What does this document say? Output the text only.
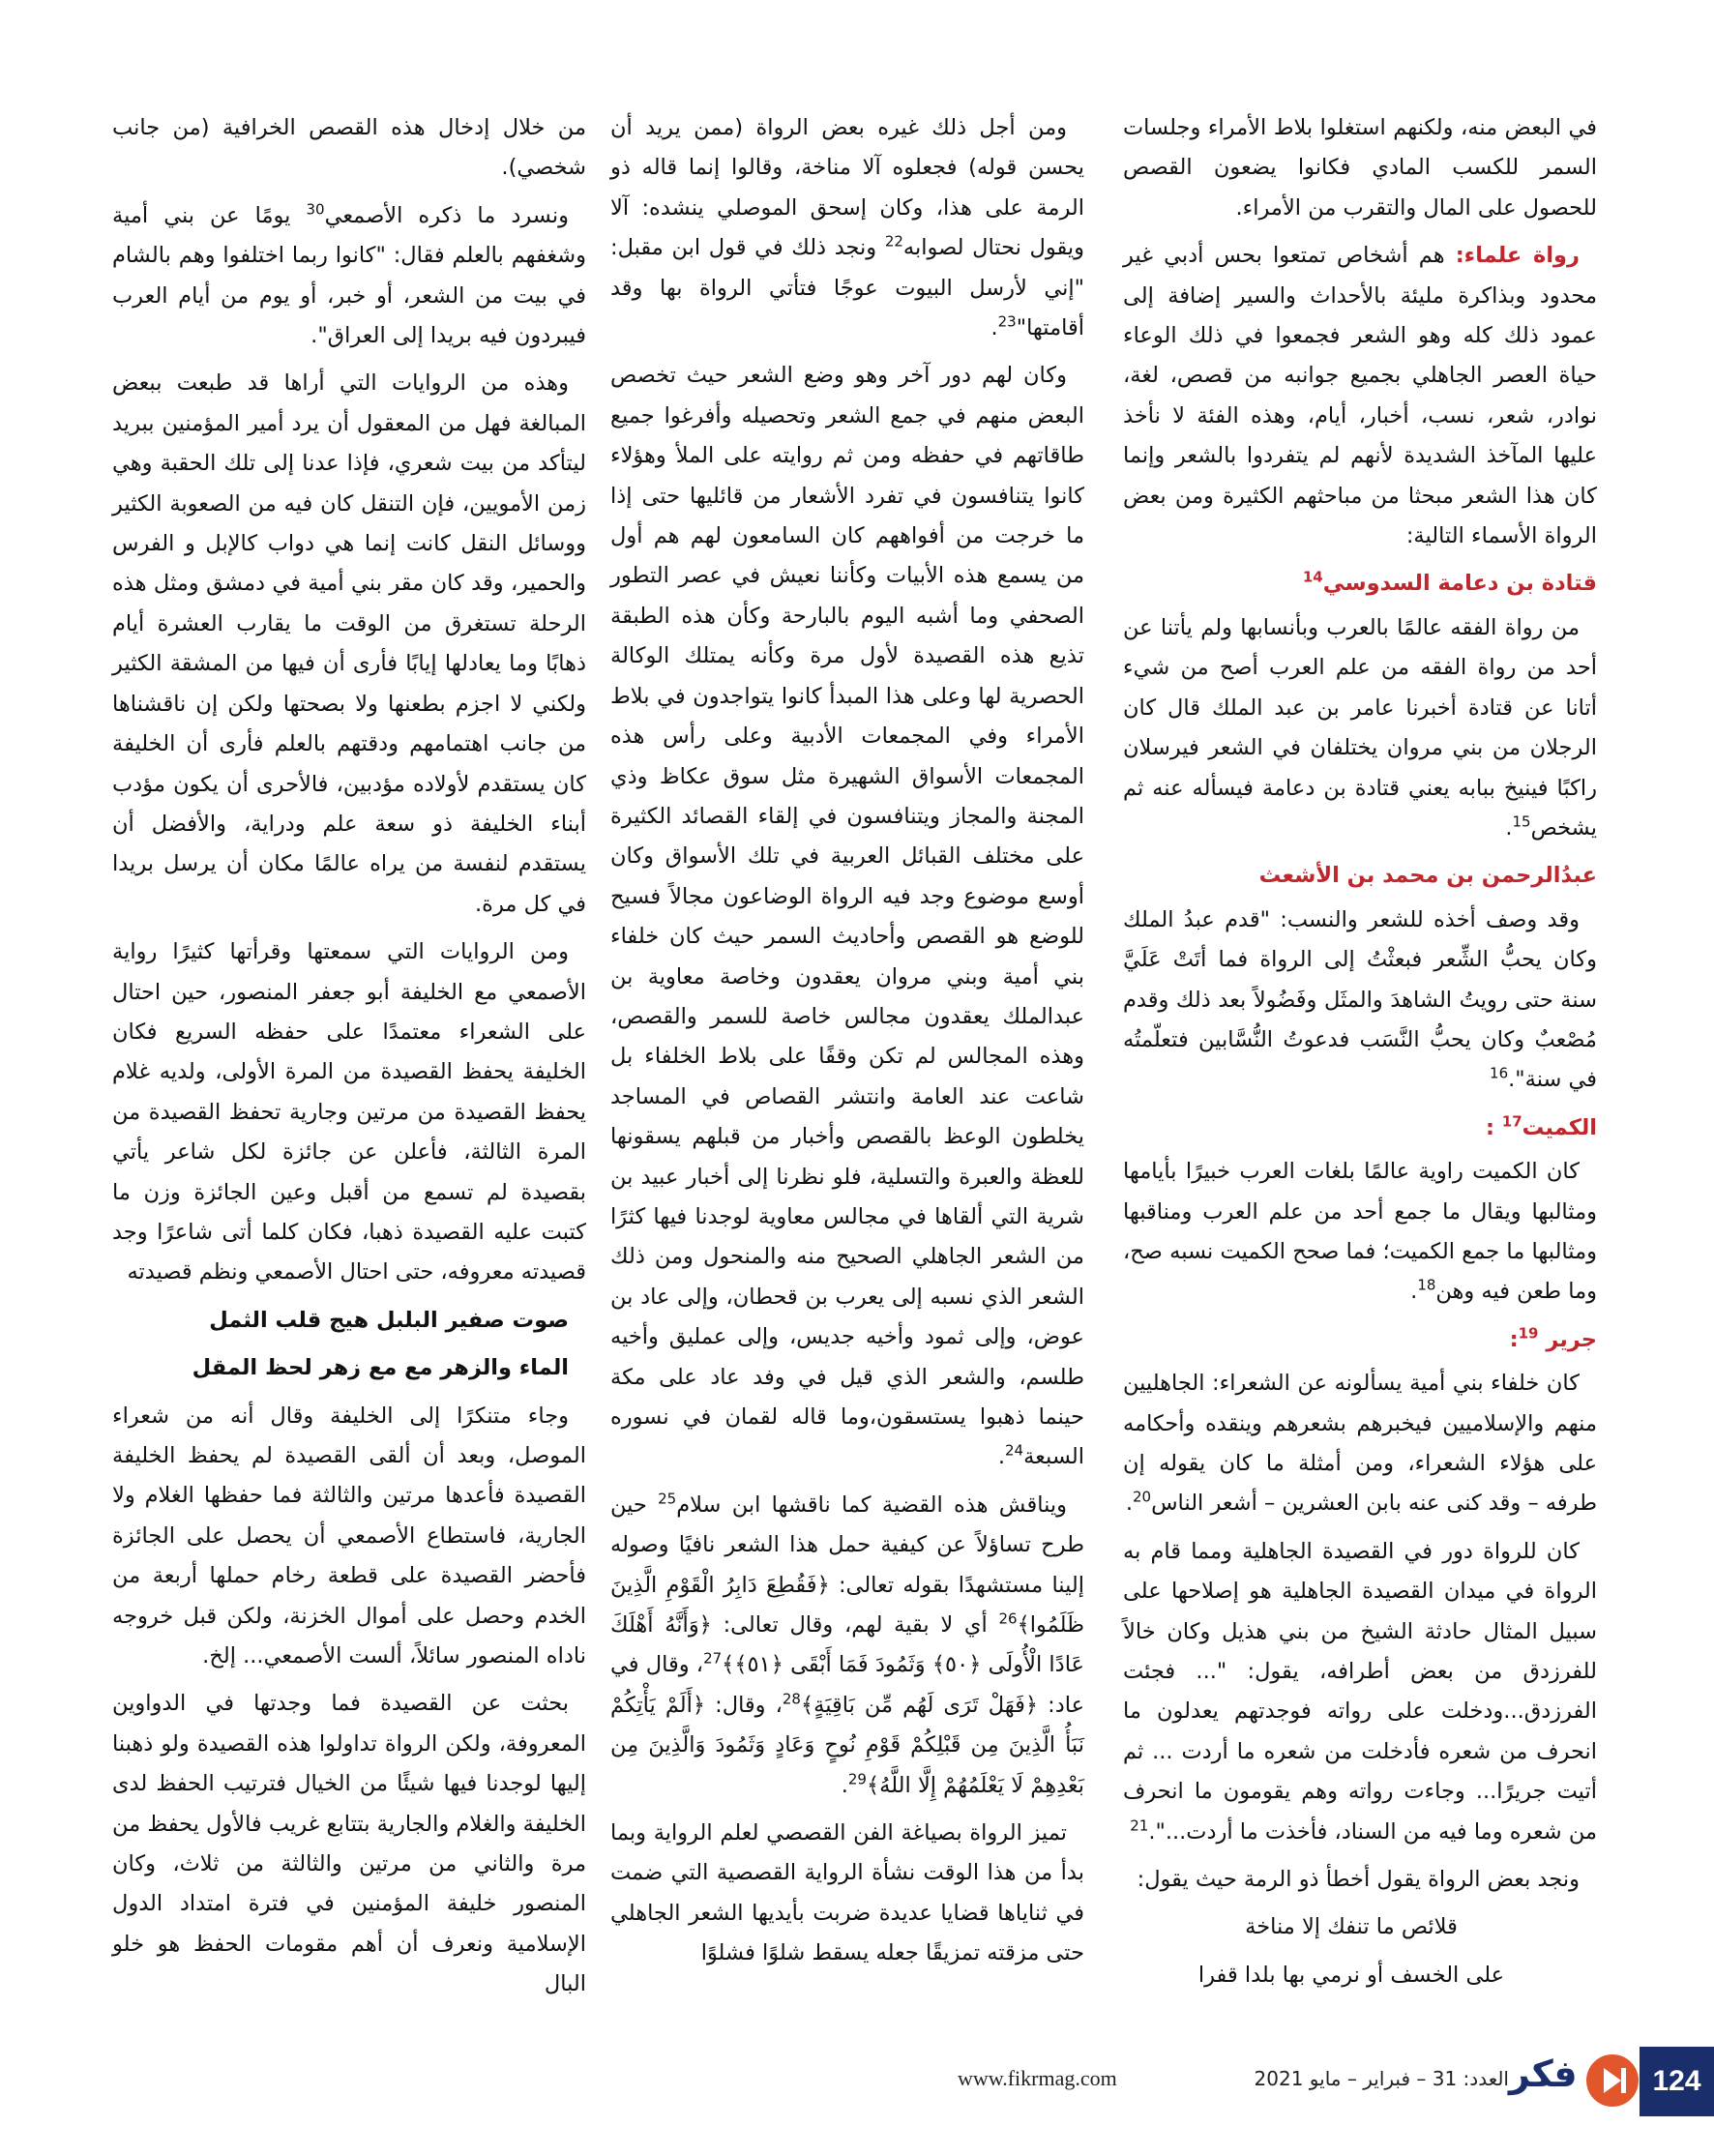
في البعض منه، ولكنهم استغلوا بلاط الأمراء وجلسات السمر للكسب المادي فكانوا يضعون القصص للحصول على المال والتقرب من الأمراء.

رواة علماء: هم أشخاص تمتعوا بحس أدبي غير محدود وبذاكرة مليئة بالأحداث والسير إضافة إلى عمود ذلك كله وهو الشعر فجمعوا في ذلك الوعاء حياة العصر الجاهلي بجميع جوانبه من قصص، لغة، نوادر، شعر، نسب، أخبار، أيام، وهذه الفئة لا نأخذ عليها المآخذ الشديدة لأنهم لم يتفردوا بالشعر وإنما كان هذا الشعر مبحثا من مباحثهم الكثيرة ومن بعض الرواة الأسماء التالية:

قتادة بن دعامة السدوسي$^{14}$

من رواة الفقه عالمًا بالعرب وبأنسابها ولم يأتنا عن أحد من رواة الفقه من علم العرب أصح من شيء أتانا عن قتادة أخبرنا عامر بن عبد الملك قال كان الرجلان من بني مروان يختلفان في الشعر فيرسلان راكبًا فينيخ ببابه يعني قتادة بن دعامة فيسأله عنه ثم يشخص$^{15}$.

عبدُالرحمن بن محمد بن الأشعث

وقد وصف أخذه للشعر والنسب: "قدم عبدُ الملك وكان يحبُّ الشِّعر فبعثْتُ إلى الرواة فما أتَتْ عَلَيَّ سنة حتى رويتُ الشاهدَ والمثَل وفَضُولاً بعد ذلك وقدم مُصْعبٌ وكان يحبُّ النَّسَب فدعوتُ النُّسَّابين فتعلّمتُه في سنة".$^{16}$

الكميت$^{17}$ :

كان الكميت راوية عالمًا بلغات العرب خبيرًا بأيامها ومثالبها ويقال ما جمع أحد من علم العرب ومناقبها ومثالبها ما جمع الكميت؛ فما صحح الكميت نسبه صح، وما طعن فيه وهن$^{18}$.

جرير $^{19}$:

كان خلفاء بني أمية يسألونه عن الشعراء: الجاهليين منهم والإسلاميين فيخبرهم بشعرهم وينقده وأحكامه على هؤلاء الشعراء، ومن أمثلة ما كان يقوله إن طرفه – وقد كنى عنه بابن العشرين – أشعر الناس$^{20}$.

كان للرواة دور في القصيدة الجاهلية ومما قام به الرواة في ميدان القصيدة الجاهلية هو إصلاحها على سبيل المثال حادثة الشيخ من بني هذيل وكان خالاً للفرزدق من بعض أطرافه، يقول: "... فجئت الفرزدق...ودخلت على رواته فوجدتهم يعدلون ما انحرف من شعره فأدخلت من شعره ما أردت ... ثم أتيت جريرًا... وجاءت رواته وهم يقومون ما انحرف من شعره وما فيه من السناد، فأخذت ما أردت...".$^{21}$

ونجد بعض الرواة يقول أخطأ ذو الرمة حيث يقول:

قلائص ما تنفك إلا مناخة

على الخسف أو نرمي بها بلدا قفرا

ومن أجل ذلك غيره بعض الرواة (ممن يريد أن يحسن قوله) فجعلوه آلا مناخة، وقالوا إنما قاله ذو الرمة على هذا، وكان إسحق الموصلي ينشده: آلا ويقول نحتال لصوابه$^{22}$ ونجد ذلك في قول ابن مقبل: "إني لأرسل البيوت عوجًا فتأتي الرواة بها وقد أقامتها"$^{23}$.

وكان لهم دور آخر وهو وضع الشعر حيث تخصص البعض منهم في جمع الشعر وتحصيله وأفرغوا جميع طاقاتهم في حفظه ومن ثم روايته على الملأ وهؤلاء كانوا يتنافسون في تفرد الأشعار من قائليها حتى إذا ما خرجت من أفواههم كان السامعون لهم هم أول من يسمع هذه الأبيات وكأننا نعيش في عصر التطور الصحفي وما أشبه اليوم بالبارحة وكأن هذه الطبقة تذيع هذه القصيدة لأول مرة وكأنه يمتلك الوكالة الحصرية لها وعلى هذا المبدأ كانوا يتواجدون في بلاط الأمراء وفي المجمعات الأدبية وعلى رأس هذه المجمعات الأسواق الشهيرة مثل سوق عكاظ وذي المجنة والمجاز ويتنافسون في إلقاء القصائد الكثيرة على مختلف القبائل العربية في تلك الأسواق وكان أوسع موضوع وجد فيه الرواة الوضاعون مجالاً فسيح للوضع هو القصص وأحاديث السمر حيث كان خلفاء بني أمية وبني مروان يعقدون وخاصة معاوية بن عبدالملك يعقدون مجالس خاصة للسمر والقصص، وهذه المجالس لم تكن وقفًا على بلاط الخلفاء بل شاعت عند العامة وانتشر القصاص في المساجد يخلطون الوعظ بالقصص وأخبار من قبلهم يسقونها للعظة والعبرة والتسلية، فلو نظرنا إلى أخبار عبيد بن شرية التي ألقاها في مجالس معاوية لوجدنا فيها كثرًا من الشعر الجاهلي الصحيح منه والمنحول ومن ذلك الشعر الذي نسبه إلى يعرب بن قحطان، وإلى عاد بن عوض، وإلى ثمود وأخيه جديس، وإلى عمليق وأخيه طلسم، والشعر الذي قيل في وفد عاد على مكة حينما ذهبوا يستسقون،وما قاله لقمان في نسوره السبعة$^{24}$.

ويناقش هذه القضية كما ناقشها ابن سلام$^{25}$ حين طرح تساؤلاً عن كيفية حمل هذا الشعر نافيًا وصوله إلينا مستشهدًا بقوله تعالى: ﴿فَقُطِعَ دَابِرُ الْقَوْمِ الَّذِينَ ظَلَمُوا﴾$^{26}$ أي لا بقية لهم، وقال تعالى: ﴿وَأَنَّهُ أَهْلَكَ عَادًا الْأُولَى ﴿٥٠﴾ وَثَمُودَ فَمَا أَبْقَى ﴿٥١﴾﴾$^{27}$، وقال في عاد: ﴿فَهَلْ تَرَى لَهُم مِّن بَاقِيَةٍ﴾$^{28}$، وقال: ﴿أَلَمْ يَأْتِكُمْ نَبَأُ الَّذِينَ مِن قَبْلِكُمْ قَوْمِ نُوحٍ وَعَادٍ وَثَمُودَ وَالَّذِينَ مِن بَعْدِهِمْ لَا يَعْلَمُهُمْ إِلَّا اللَّهُ﴾$^{29}$.

تميز الرواة بصياغة الفن القصصي لعلم الرواية وبما بدأ من هذا الوقت نشأة الرواية القصصية التي ضمت في ثناياها قضايا عديدة ضربت بأيديها الشعر الجاهلي حتى مزقته تمزيقًا جعله يسقط شلوًا فشلوًا

من خلال إدخال هذه القصص الخرافية (من جانب شخصي).

ونسرد ما ذكره الأصمعي$^{30}$ يومًا عن بني أمية وشغفهم بالعلم فقال: "كانوا ربما اختلفوا وهم بالشام في بيت من الشعر، أو خبر، أو يوم من أيام العرب فيبردون فيه بريدا إلى العراق".

وهذه من الروايات التي أراها قد طبعت ببعض المبالغة فهل من المعقول أن يرد أمير المؤمنين ببريد ليتأكد من بيت شعري، فإذا عدنا إلى تلك الحقبة وهي زمن الأمويين، فإن التنقل كان فيه من الصعوبة الكثير ووسائل النقل كانت إنما هي دواب كالإبل و الفرس والحمير، وقد كان مقر بني أمية في دمشق ومثل هذه الرحلة تستغرق من الوقت ما يقارب العشرة أيام ذهابًا وما يعادلها إيابًا فأرى أن فيها من المشقة الكثير ولكني لا اجزم بطعنها ولا بصحتها ولكن إن ناقشناها من جانب اهتمامهم ودقتهم بالعلم فأرى أن الخليفة كان يستقدم لأولاده مؤدبين، فالأحرى أن يكون مؤدب أبناء الخليفة ذو سعة علم ودراية، والأفضل أن يستقدم لنفسة من يراه عالمًا مكان أن يرسل بريدا في كل مرة.

ومن الروايات التي سمعتها وقرأتها كثيرًا رواية الأصمعي مع الخليفة أبو جعفر المنصور، حين احتال على الشعراء معتمدًا على حفظه السريع فكان الخليفة يحفظ القصيدة من المرة الأولى، ولديه غلام يحفظ القصيدة من مرتين وجارية تحفظ القصيدة من المرة الثالثة، فأعلن عن جائزة لكل شاعر يأتي بقصيدة لم تسمع من أقبل وعين الجائزة وزن ما كتبت عليه القصيدة ذهبا، فكان كلما أتى شاعرًا وجد قصيدته معروفه، حتى احتال الأصمعي ونظم قصيدته

صوت صفير البلبل هيج قلب الثمل

الماء والزهر مع مع زهر لحظ المقل

وجاء متنكرًا إلى الخليفة وقال أنه من شعراء الموصل، وبعد أن ألقى القصيدة لم يحفظ الخليفة القصيدة فأعدها مرتين والثالثة فما حفظها الغلام ولا الجارية، فاستطاع الأصمعي أن يحصل على الجائزة فأحضر القصيدة على قطعة رخام حملها أربعة من الخدم وحصل على أموال الخزنة، ولكن قبل خروجه ناداه المنصور سائلاً، ألست الأصمعي... إلخ.

بحثت عن القصيدة فما وجدتها في الدواوين المعروفة، ولكن الرواة تداولوا هذه القصيدة ولو ذهبنا إليها لوجدنا فيها شيئًا من الخيال فترتيب الحفظ لدى الخليفة والغلام والجارية بتتابع غريب فالأول يحفظ من مرة والثاني من مرتين والثالثة من ثلاث، وكان المنصور خليفة المؤمنين في فترة امتداد الدول الإسلامية ونعرف أن أهم مقومات الحفظ هو خلو البال

124
فكر
العدد: 31 – فبراير – مايو 2021
www.fikrmag.com
